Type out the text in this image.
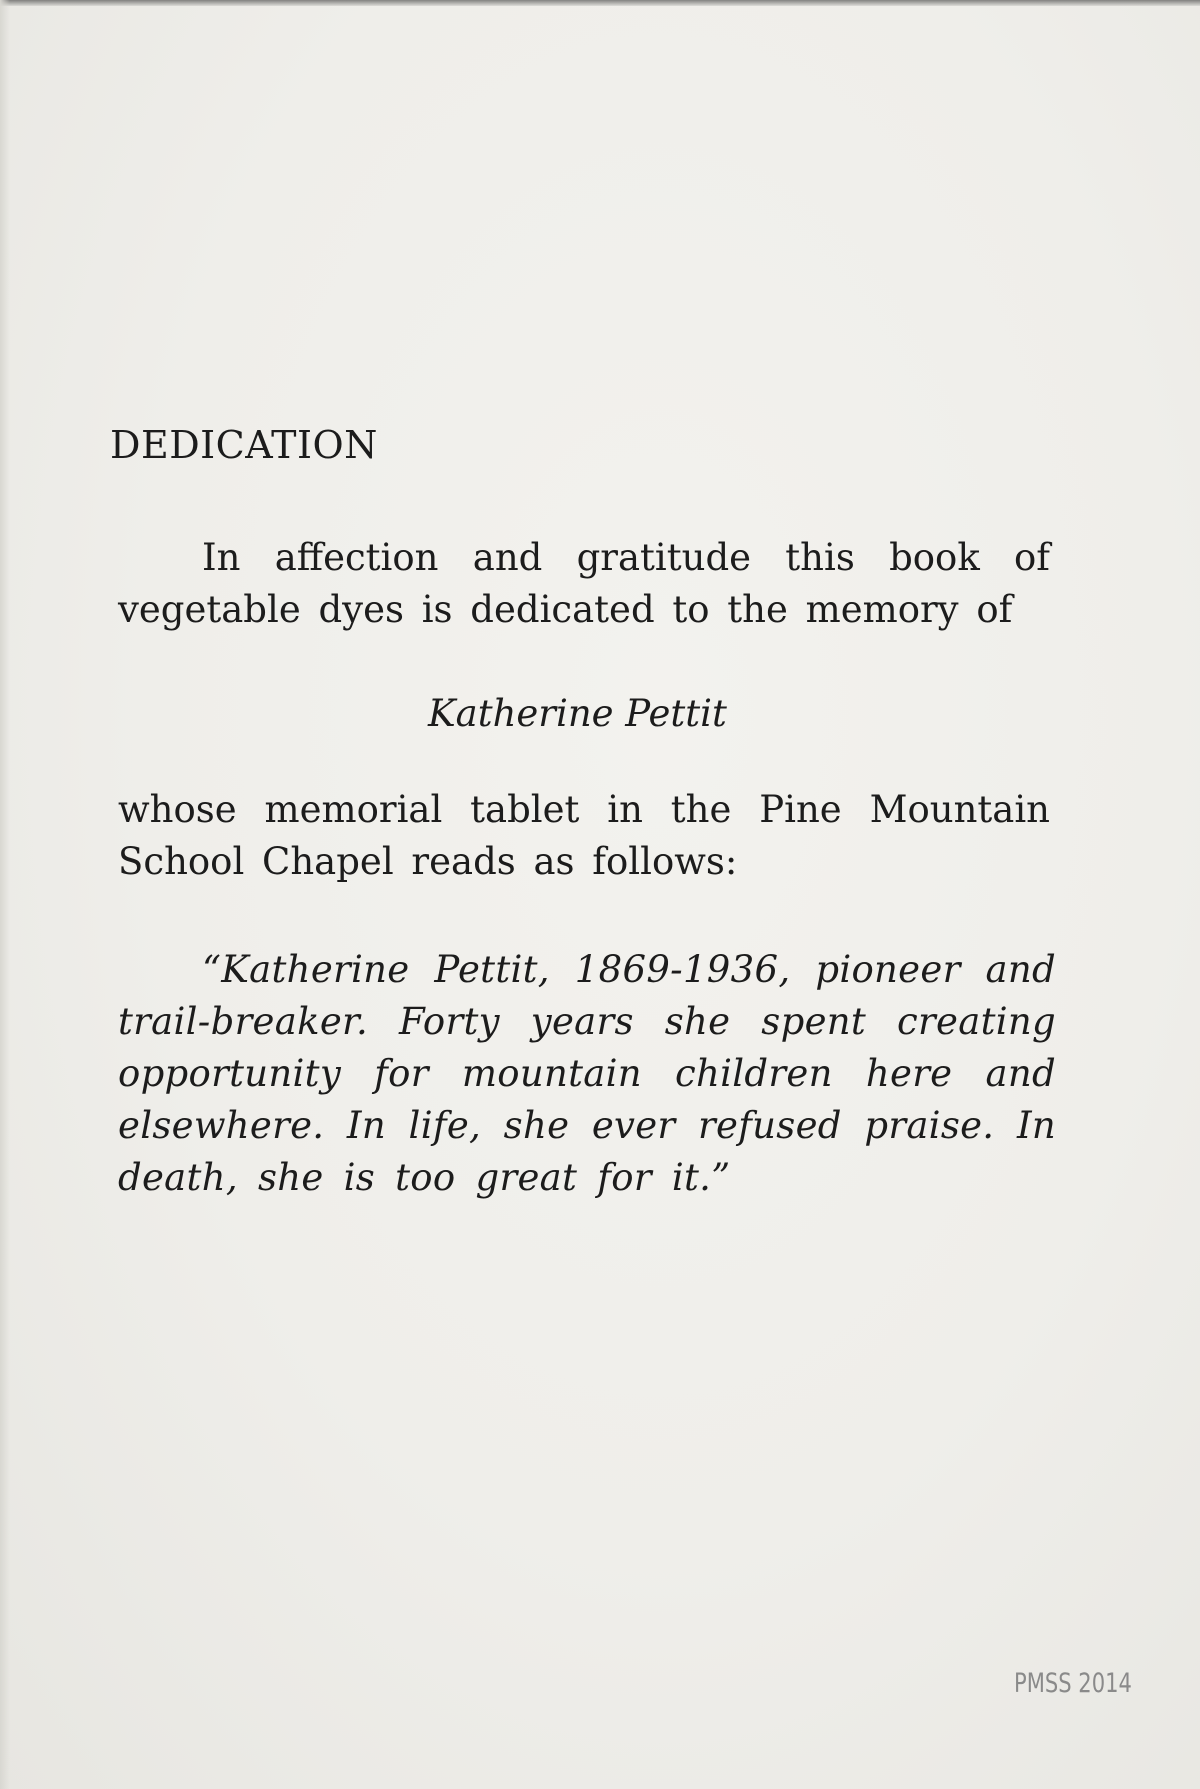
DEDICATION

In affection and gratitude this book of vegetable dyes is dedicated to the memory of

Katherine Pettit

whose memorial tablet in the Pine Mountain School Chapel reads as follows:

“Katherine Pettit, 1869-1936, pioneer and trail-breaker. Forty years she spent creating opportunity for mountain children here and elsewhere. In life, she ever refused praise. In death, she is too great for it.”

PMSS 2014
